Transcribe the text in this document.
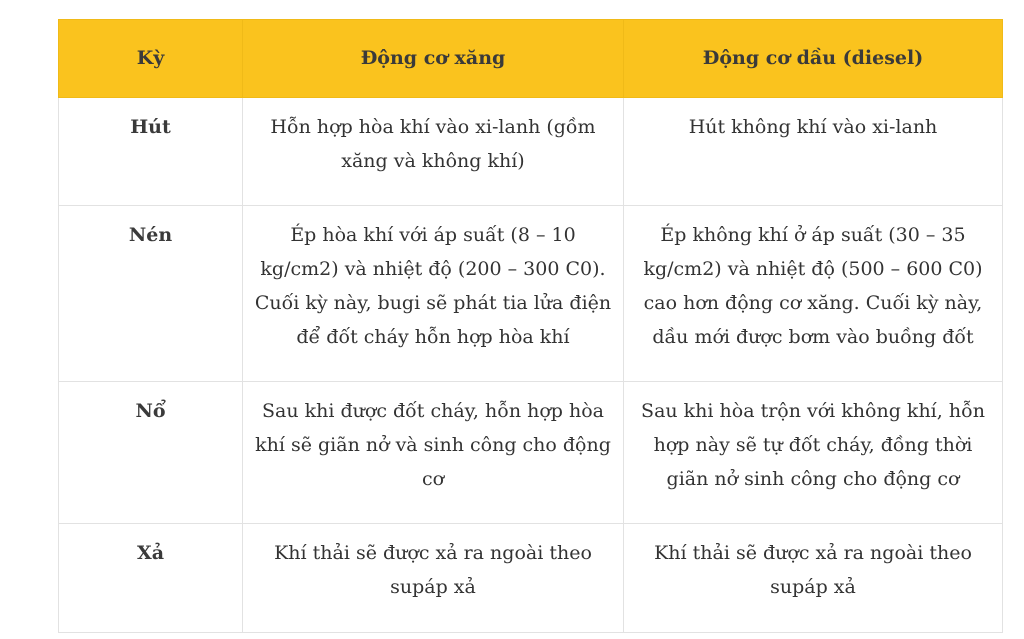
Kỳ	Động cơ xăng	Động cơ dầu (diesel)
Hút	Hỗn hợp hòa khí vào xi-lanh (gồm xăng và không khí)	Hút không khí vào xi-lanh
Nén	Ép hòa khí với áp suất (8 – 10 kg/cm2) và nhiệt độ (200 – 300 C0). Cuối kỳ này, bugi sẽ phát tia lửa điện để đốt cháy hỗn hợp hòa khí	Ép không khí ở áp suất (30 – 35 kg/cm2) và nhiệt độ (500 – 600 C0) cao hơn động cơ xăng. Cuối kỳ này, dầu mới được bơm vào buồng đốt
Nổ	Sau khi được đốt cháy, hỗn hợp hòa khí sẽ giãn nở và sinh công cho động cơ	Sau khi hòa trộn với không khí, hỗn hợp này sẽ tự đốt cháy, đồng thời giãn nở sinh công cho động cơ
Xả	Khí thải sẽ được xả ra ngoài theo supáp xả	Khí thải sẽ được xả ra ngoài theo supáp xả
